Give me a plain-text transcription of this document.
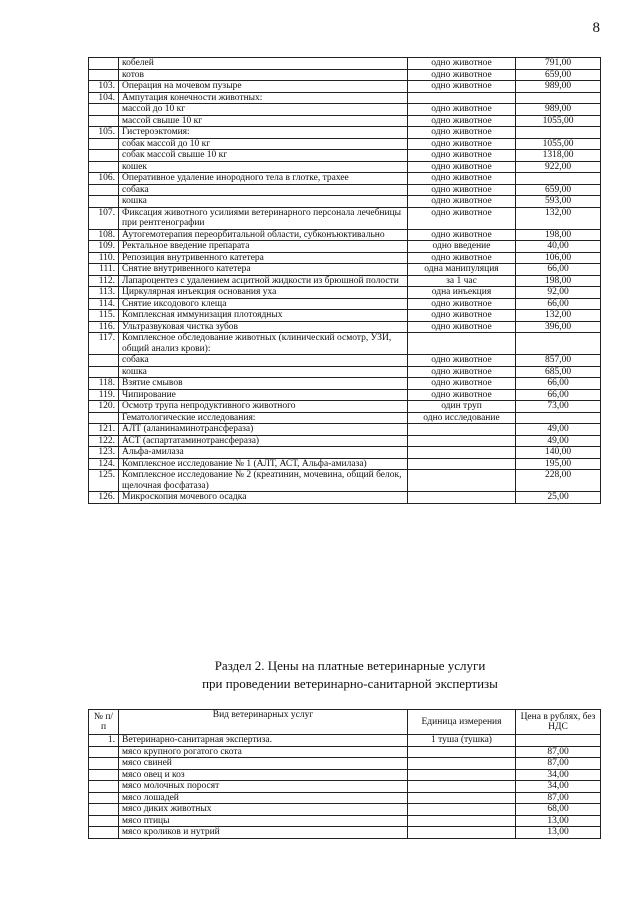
8
	кобелей	одно животное	791,00
	котов	одно животное	659,00
103.	Операция на мочевом пузыре	одно животное	989,00
104.	Ампутация конечности животных:		
	массой до 10 кг	одно животное	989,00
	массой свыше 10 кг	одно животное	1055,00
105.	Гистероэктомия:	одно животное	
	собак массой до 10 кг	одно животное	1055,00
	собак массой свыше 10 кг	одно животное	1318,00
	кошек	одно животное	922,00
106.	Оперативное удаление инородного тела в глотке, трахее	одно животное	
	собака	одно животное	659,00
	кошка	одно животное	593,00
107.	Фиксация животного усилиями ветеринарного персонала лечебницы при рентгенографии	одно животное	132,00
108.	Аутогемотерапия переорбитальной области, субконъюктивально	одно животное	198,00
109.	Ректальное введение препарата	одно введение	40,00
110.	Репозиция внутривенного катетера	одно животное	106,00
111.	Снятие внутривенного катетера	одна манипуляция	66,00
112.	Лапароцентез с удалением асцитной жидкости из брюшной полости	за 1 час	198,00
113.	Циркулярная инъекция основания уха	одна инъекция	92,00
114.	Снятие иксодового клеща	одно животное	66,00
115.	Комплексная иммунизация плотоядных	одно животное	132,00
116.	Ультразвуковая чистка зубов	одно животное	396,00
117.	Комплексное обследование животных (клинический осмотр, УЗИ, общий анализ крови):		
	собака	одно животное	857,00
	кошка	одно животное	685,00
118.	Взятие смывов	одно животное	66,00
119.	Чипирование	одно животное	66,00
120.	Осмотр трупа непродуктивного животного	один труп	73,00
	Гематологические исследования:	одно исследование	
121.	АЛТ (аланинаминотрансфераза)		49,00
122.	АСТ (аспартатаминотрансфераза)		49,00
123.	Альфа-амилаза		140,00
124.	Комплексное исследование № 1 (АЛТ, АСТ, Альфа-амилаза)		195,00
125.	Комплексное исследование № 2 (креатинин, мочевина, общий белок, щелочная фосфатаза)		228,00
126.	Микроскопия мочевого осадка		25,00
Раздел 2. Цены на платные ветеринарные услуги
при проведении ветеринарно-санитарной экспертизы
№ п/п	Вид ветеринарных услуг	Единица измерения	Цена в рублях, без НДС
1.	Ветеринарно-санитарная экспертиза.	1 туша (тушка)	
	мясо крупного рогатого скота		87,00
	мясо свиней		87,00
	мясо овец и коз		34,00
	мясо молочных поросят		34,00
	мясо лошадей		87,00
	мясо диких животных		68,00
	мясо птицы		13,00
	мясо кроликов и нутрий		13,00
